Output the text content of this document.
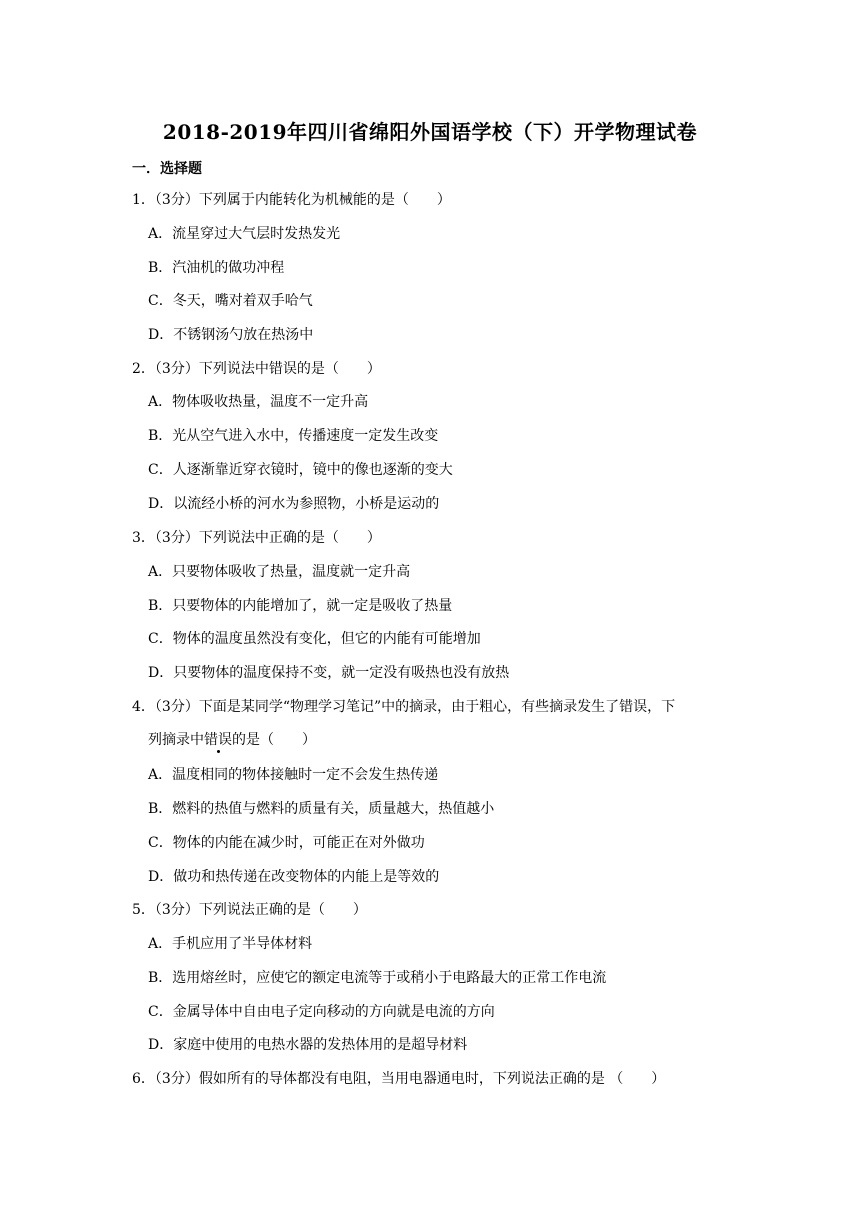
2018-2019年四川省绵阳外国语学校（下）开学物理试卷
一．选择题
1．（3分）下列属于内能转化为机械能的是（　　）
A．流星穿过大气层时发热发光
B．汽油机的做功冲程
C．冬天，嘴对着双手哈气
D．不锈钢汤勺放在热汤中
2．（3分）下列说法中错误的是（　　）
A．物体吸收热量，温度不一定升高
B．光从空气进入水中，传播速度一定发生改变
C．人逐渐靠近穿衣镜时，镜中的像也逐渐的变大
D．以流经小桥的河水为参照物，小桥是运动的
3．（3分）下列说法中正确的是（　　）
A．只要物体吸收了热量，温度就一定升高
B．只要物体的内能增加了，就一定是吸收了热量
C．物体的温度虽然没有变化，但它的内能有可能增加
D．只要物体的温度保持不变，就一定没有吸热也没有放热
4．（3分）下面是某同学“物理学习笔记”中的摘录，由于粗心，有些摘录发生了错误，下
列摘录中错误的是（　　）
A．温度相同的物体接触时一定不会发生热传递
B．燃料的热值与燃料的质量有关，质量越大，热值越小
C．物体的内能在减少时，可能正在对外做功
D．做功和热传递在改变物体的内能上是等效的
5．（3分）下列说法正确的是（　　）
A．手机应用了半导体材料
B．选用熔丝时，应使它的额定电流等于或稍小于电路最大的正常工作电流
C．金属导体中自由电子定向移动的方向就是电流的方向
D．家庭中使用的电热水器的发热体用的是超导材料
6．（3分）假如所有的导体都没有电阻，当用电器通电时，下列说法正确的是 （　　）
